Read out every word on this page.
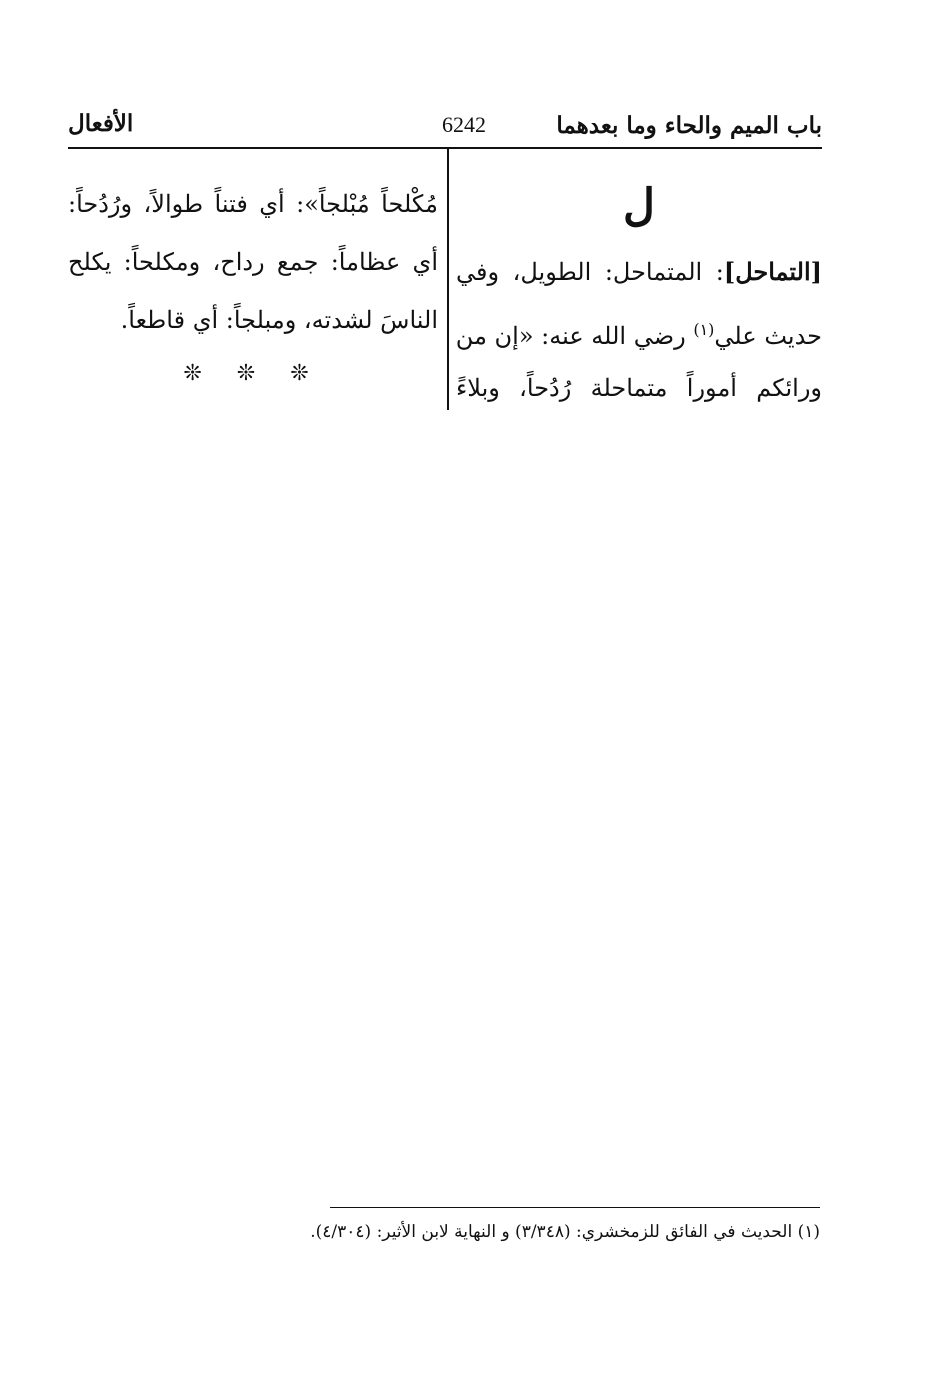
باب الميم والحاء وما بعدهما
6242
الأفعال
ل
[التماحل]: المتماحل: الطويل، وفي
حديث علي$^{(١)}$ رضي الله عنه: «إن من
ورائكم أموراً متماحلة رُدُحاً، وبلاءً
مُكْلحاً مُبْلجاً»: أي فتناً طوالاً، ورُدُحاً:
أي عظاماً: جمع رداح، ومكلحاً: يكلح
الناسَ لشدته، ومبلجاً: أي قاطعاً.
❊ ❊ ❊
(١) الحديث في الفائق للزمخشري: (٣/٣٤٨) و النهاية لابن الأثير: (٤/٣٠٤).
